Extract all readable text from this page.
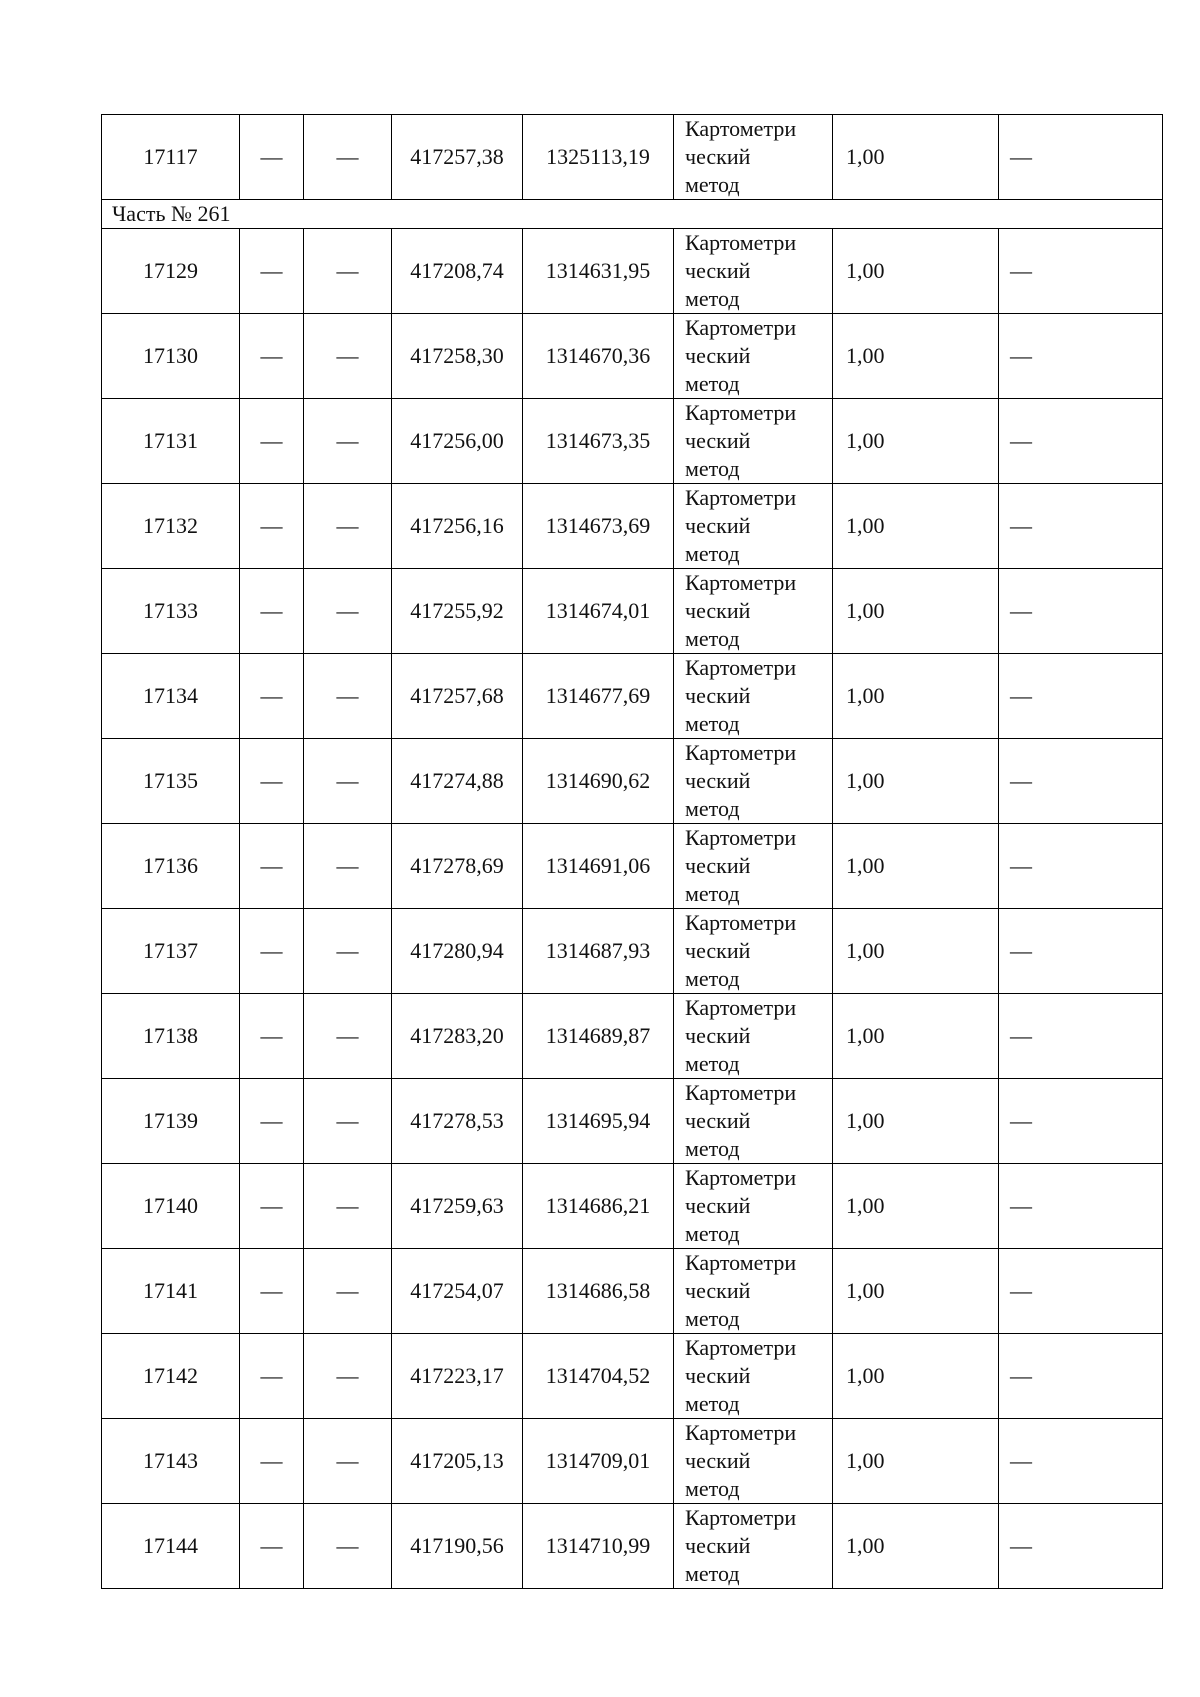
17117	—	—	417257,38	1325113,19	Картометри
ческий
метод	1,00	—
Часть № 261							
17129	—	—	417208,74	1314631,95	Картометри
ческий
метод	1,00	—
17130	—	—	417258,30	1314670,36	Картометри
ческий
метод	1,00	—
17131	—	—	417256,00	1314673,35	Картометри
ческий
метод	1,00	—
17132	—	—	417256,16	1314673,69	Картометри
ческий
метод	1,00	—
17133	—	—	417255,92	1314674,01	Картометри
ческий
метод	1,00	—
17134	—	—	417257,68	1314677,69	Картометри
ческий
метод	1,00	—
17135	—	—	417274,88	1314690,62	Картометри
ческий
метод	1,00	—
17136	—	—	417278,69	1314691,06	Картометри
ческий
метод	1,00	—
17137	—	—	417280,94	1314687,93	Картометри
ческий
метод	1,00	—
17138	—	—	417283,20	1314689,87	Картометри
ческий
метод	1,00	—
17139	—	—	417278,53	1314695,94	Картометри
ческий
метод	1,00	—
17140	—	—	417259,63	1314686,21	Картометри
ческий
метод	1,00	—
17141	—	—	417254,07	1314686,58	Картометри
ческий
метод	1,00	—
17142	—	—	417223,17	1314704,52	Картометри
ческий
метод	1,00	—
17143	—	—	417205,13	1314709,01	Картометри
ческий
метод	1,00	—
17144	—	—	417190,56	1314710,99	Картометри
ческий
метод	1,00	—
